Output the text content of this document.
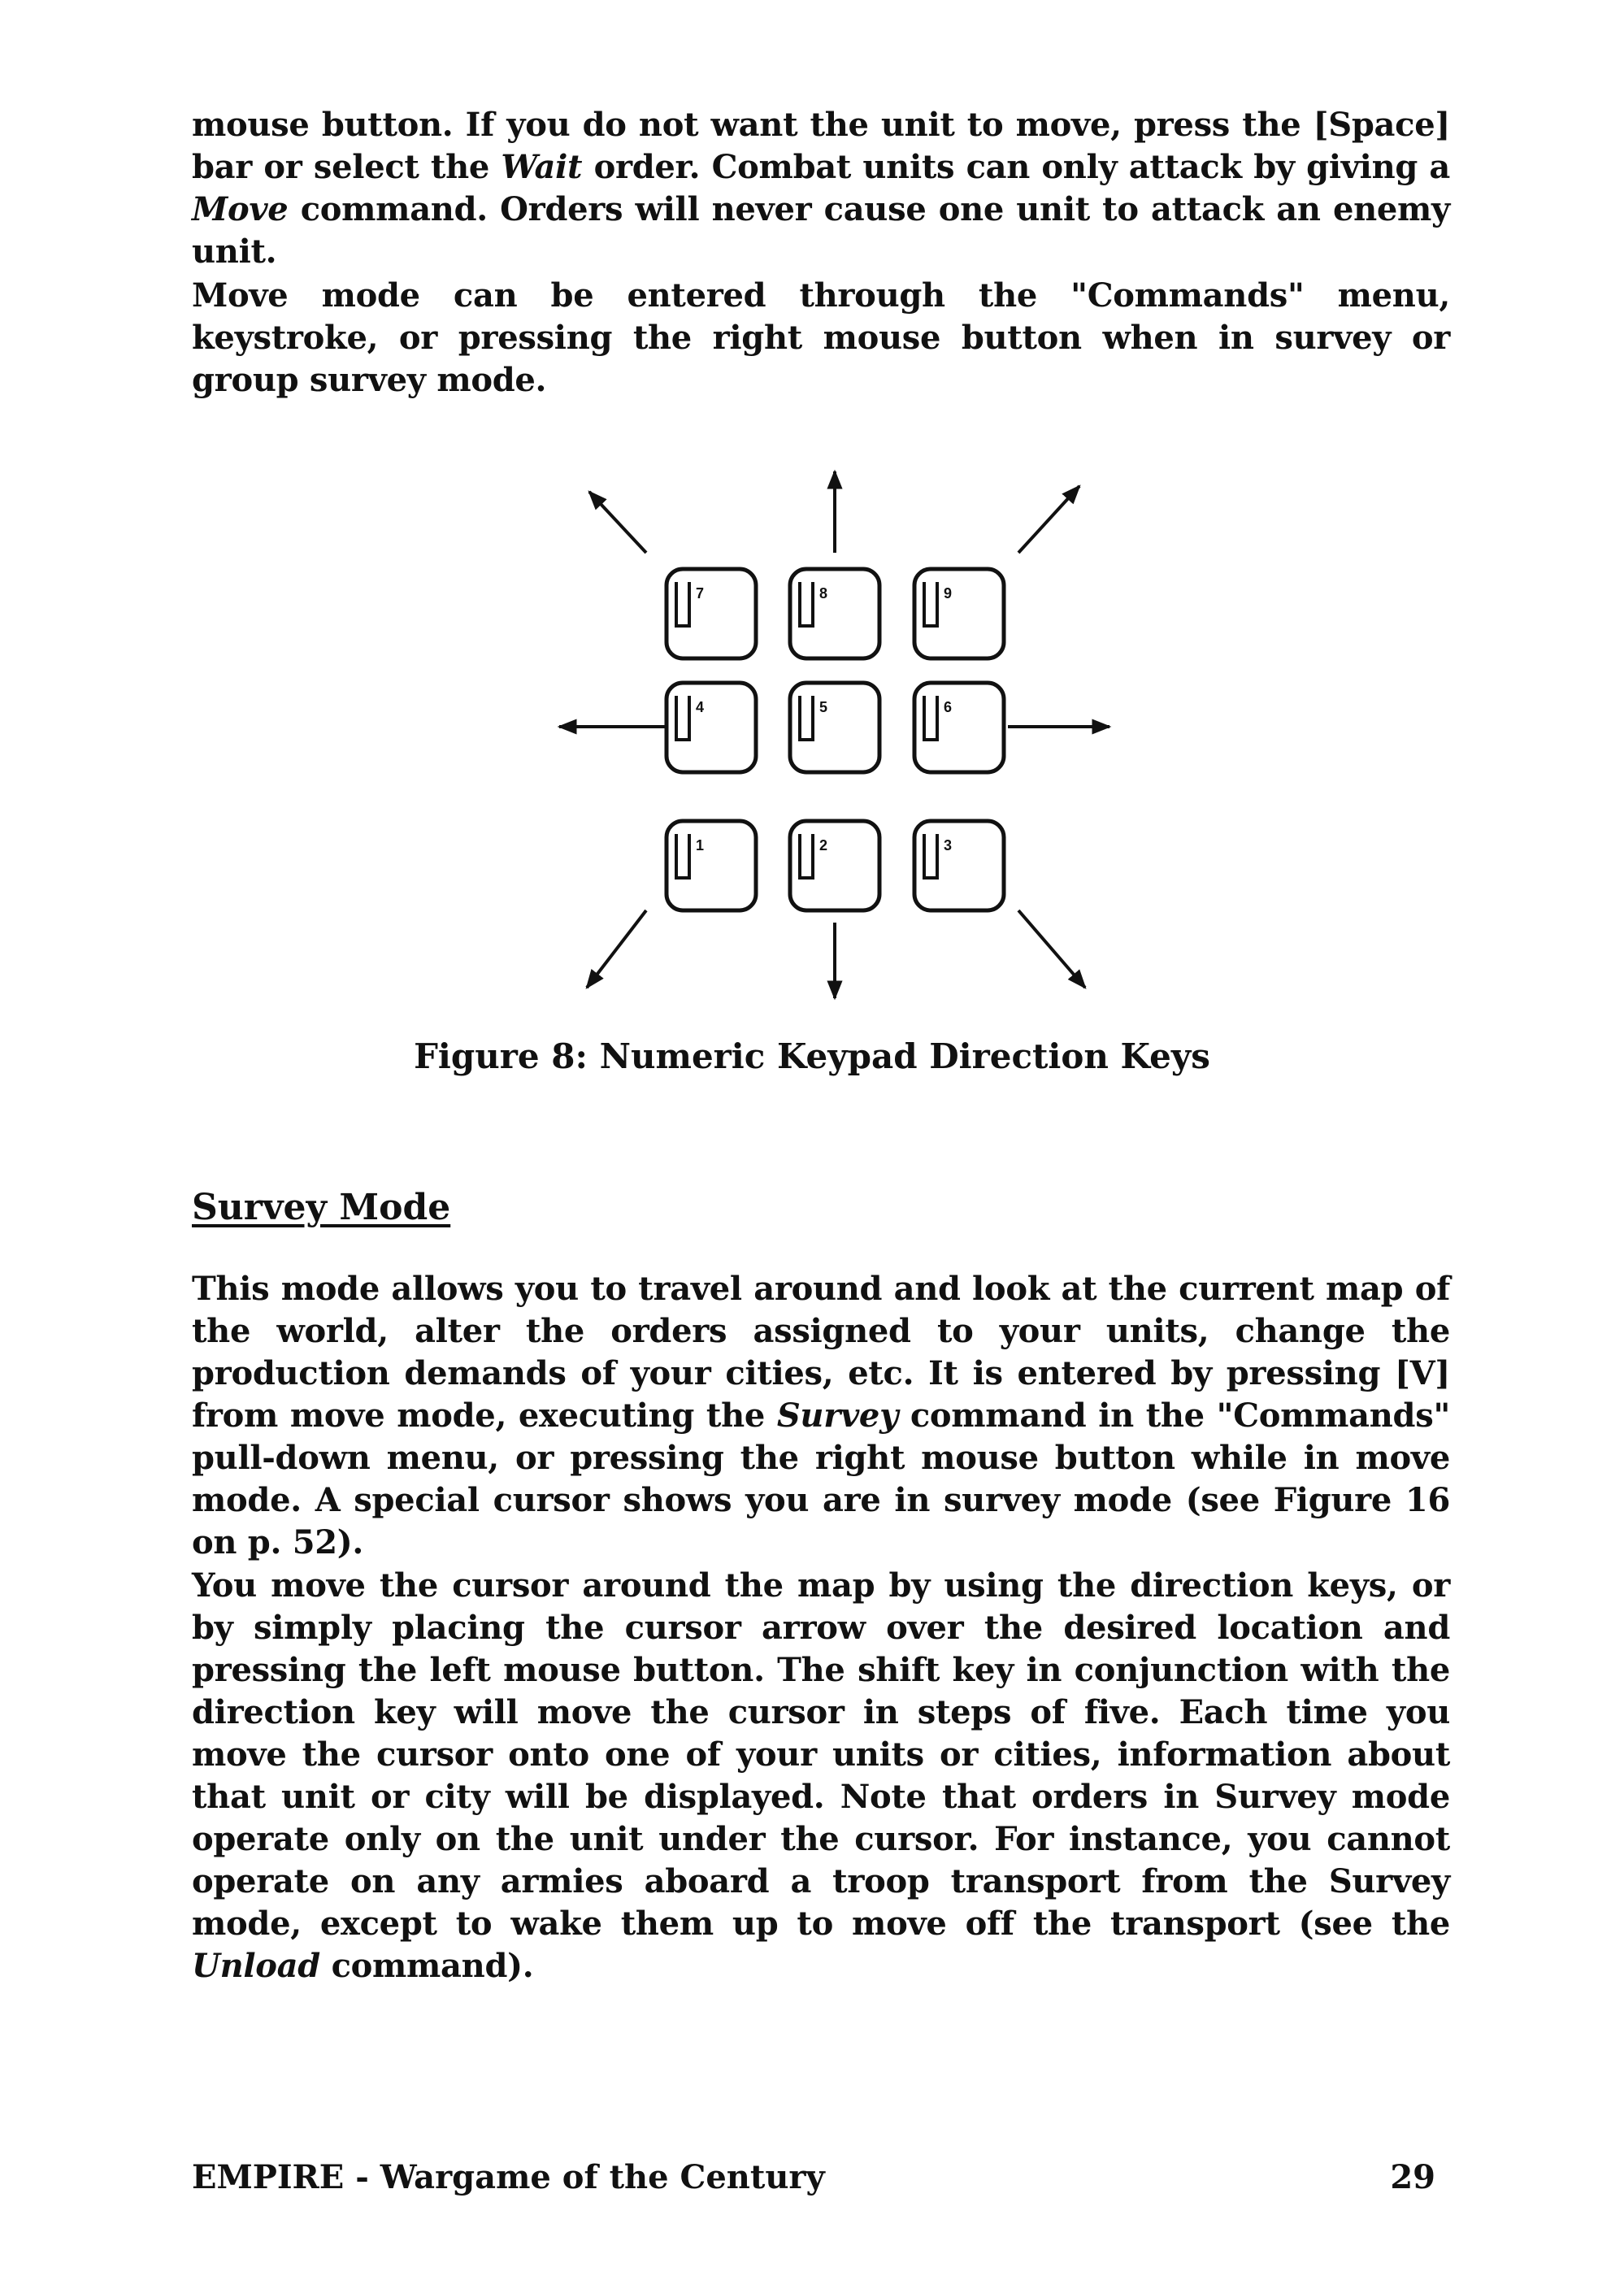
mouse button. If you do not want the unit to move, press the [Space] bar or select the Wait order. Combat units can only attack by giving a Move command. Orders will never cause one unit to attack an enemy unit.
Move mode can be entered through the "Commands" menu, keystroke, or pressing the right mouse button when in survey or group survey mode.
7	8	9
4	5	6
1	2	3
Figure 8: Numeric Keypad Direction Keys
Survey Mode
This mode allows you to travel around and look at the current map of the world, alter the orders assigned to your units, change the production demands of your cities, etc. It is entered by pressing [V] from move mode, executing the Survey command in the "Commands" pull-down menu, or pressing the right mouse button while in move mode. A special cursor shows you are in survey mode (see Figure 16 on p. 52).
You move the cursor around the map by using the direction keys, or by simply placing the cursor arrow over the desired location and pressing the left mouse button. The shift key in conjunction with the direction key will move the cursor in steps of five. Each time you move the cursor onto one of your units or cities, information about that unit or city will be displayed. Note that orders in Survey mode operate only on the unit under the cursor. For instance, you cannot operate on any armies aboard a troop transport from the Survey mode, except to wake them up to move off the transport (see the Unload command).
EMPIRE - Wargame of the Century	29
